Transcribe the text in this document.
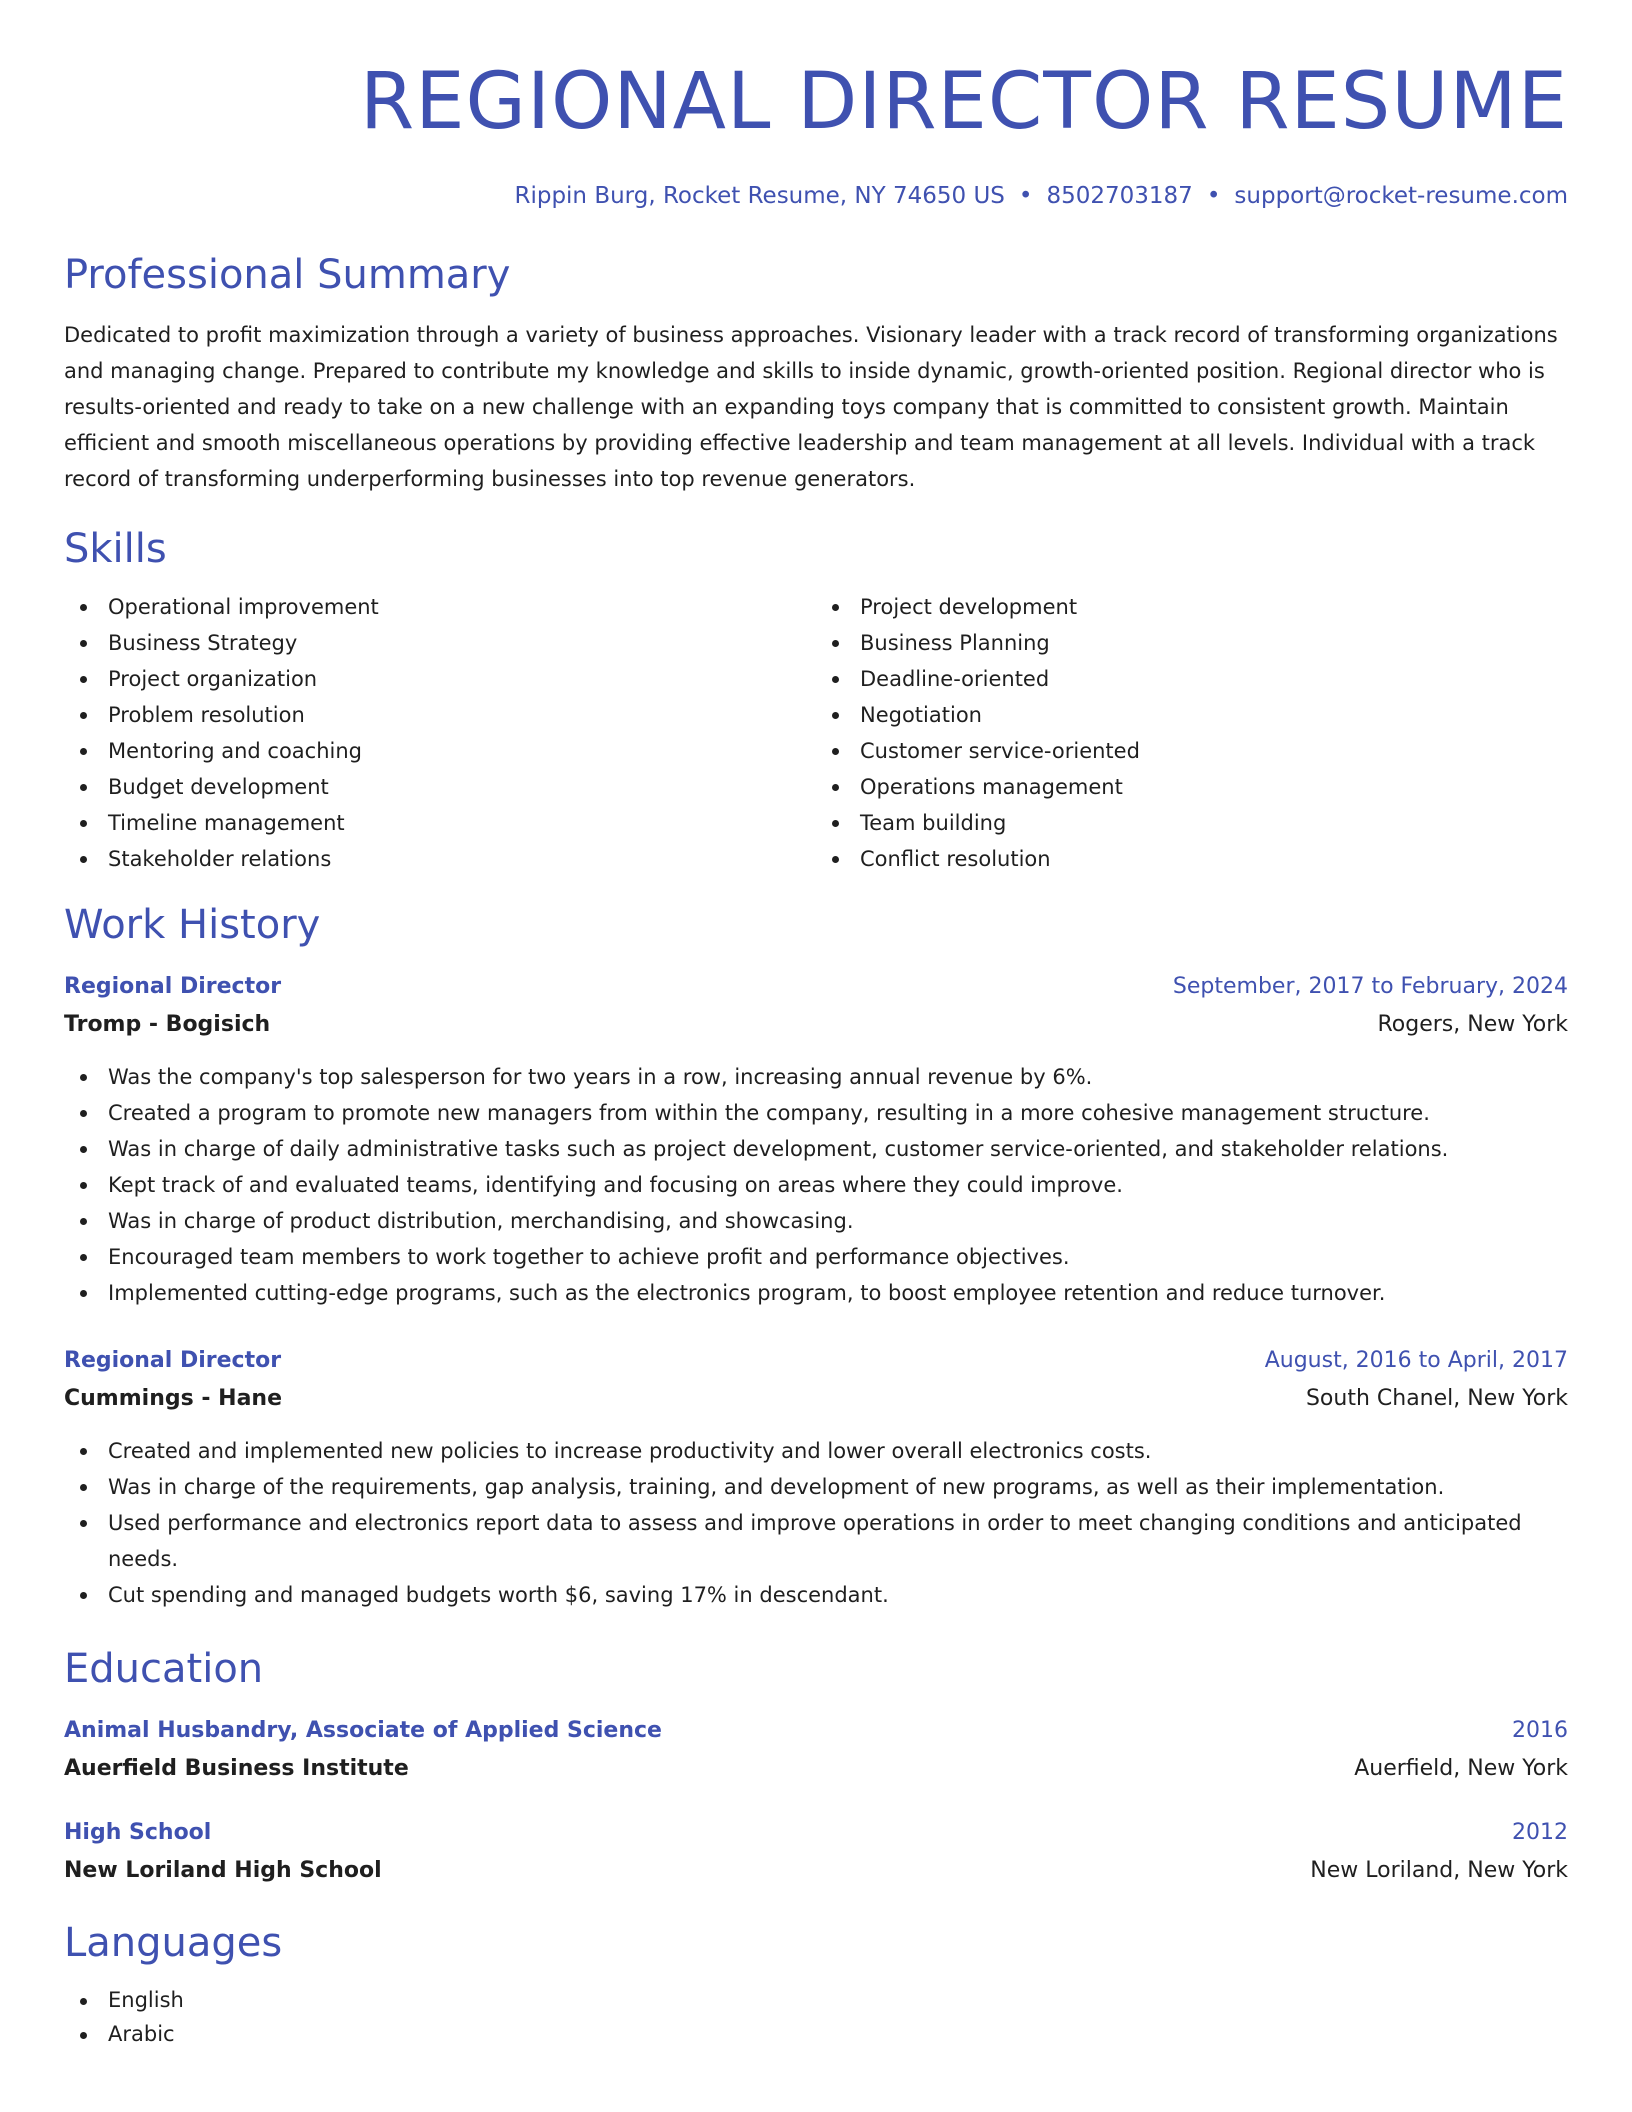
REGIONAL DIRECTOR RESUME
Rippin Burg, Rocket Resume, NY 74650 US • 8502703187 • support@rocket-resume.com
Professional Summary
Dedicated to profit maximization through a variety of business approaches. Visionary leader with a track record of transforming organizations and managing change. Prepared to contribute my knowledge and skills to inside dynamic, growth-oriented position. Regional director who is results-oriented and ready to take on a new challenge with an expanding toys company that is committed to consistent growth. Maintain efficient and smooth miscellaneous operations by providing effective leadership and team management at all levels. Individual with a track record of transforming underperforming businesses into top revenue generators.
Skills
Operational improvement
Business Strategy
Project organization
Problem resolution
Mentoring and coaching
Budget development
Timeline management
Stakeholder relations
Project development
Business Planning
Deadline-oriented
Negotiation
Customer service-oriented
Operations management
Team building
Conflict resolution
Work History
Regional Director	September, 2017 to February, 2024
Tromp - Bogisich	Rogers, New York
Was the company's top salesperson for two years in a row, increasing annual revenue by 6%.
Created a program to promote new managers from within the company, resulting in a more cohesive management structure.
Was in charge of daily administrative tasks such as project development, customer service-oriented, and stakeholder relations.
Kept track of and evaluated teams, identifying and focusing on areas where they could improve.
Was in charge of product distribution, merchandising, and showcasing.
Encouraged team members to work together to achieve profit and performance objectives.
Implemented cutting-edge programs, such as the electronics program, to boost employee retention and reduce turnover.
Regional Director	August, 2016 to April, 2017
Cummings - Hane	South Chanel, New York
Created and implemented new policies to increase productivity and lower overall electronics costs.
Was in charge of the requirements, gap analysis, training, and development of new programs, as well as their implementation.
Used performance and electronics report data to assess and improve operations in order to meet changing conditions and anticipated needs.
Cut spending and managed budgets worth $6, saving 17% in descendant.
Education
Animal Husbandry, Associate of Applied Science	2016
Auerfield Business Institute	Auerfield, New York
High School	2012
New Loriland High School	New Loriland, New York
Languages
English
Arabic
